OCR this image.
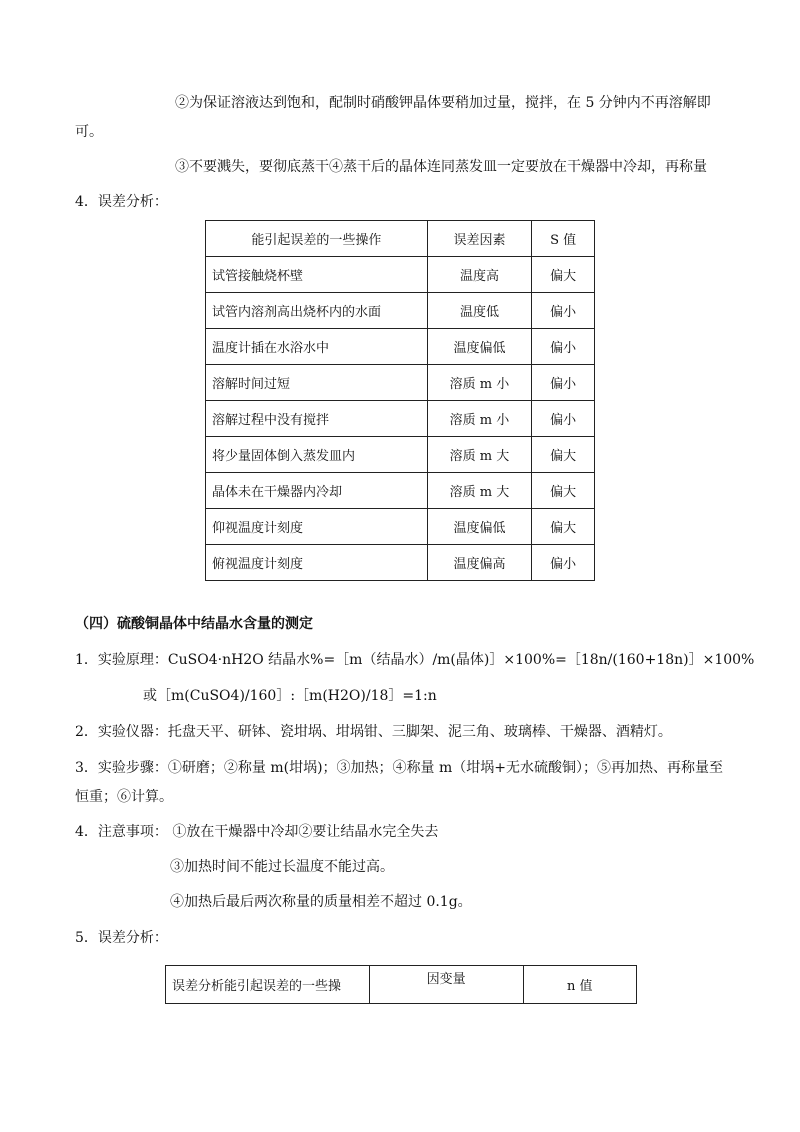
②为保证溶液达到饱和，配制时硝酸钾晶体要稍加过量，搅拌，在 5 分钟内不再溶解即
可。
③不要溅失，要彻底蒸干④蒸干后的晶体连同蒸发皿一定要放在干燥器中冷却，再称量
4．误差分析：
能引起误差的一些操作	误差因素	S 值
试管接触烧杯壁	温度高	偏大
试管内溶剂高出烧杯内的水面	温度低	偏小
温度计插在水浴水中	温度偏低	偏小
溶解时间过短	溶质 m 小	偏小
溶解过程中没有搅拌	溶质 m 小	偏小
将少量固体倒入蒸发皿内	溶质 m 大	偏大
晶体未在干燥器内冷却	溶质 m 大	偏大
仰视温度计刻度	温度偏低	偏大
俯视温度计刻度	温度偏高	偏小
（四）硫酸铜晶体中结晶水含量的测定
1．实验原理：CuSO4·nH2O 结晶水%=［m（结晶水）/m(晶体)］×100%=［18n/(160+18n)］×100%
或［m(CuSO4)/160］:［m(H2O)/18］=1:n
2．实验仪器：托盘天平、研钵、瓷坩埚、坩埚钳、三脚架、泥三角、玻璃棒、干燥器、酒精灯。
3．实验步骤：①研磨；②称量 m(坩埚)；③加热；④称量 m（坩埚+无水硫酸铜）；⑤再加热、再称量至
恒重；⑥计算。
4．注意事项： ①放在干燥器中冷却②要让结晶水完全失去
③加热时间不能过长温度不能过高。
④加热后最后两次称量的质量相差不超过 0.1g。
5．误差分析：
误差分析能引起误差的一些操	因变量	n 值
